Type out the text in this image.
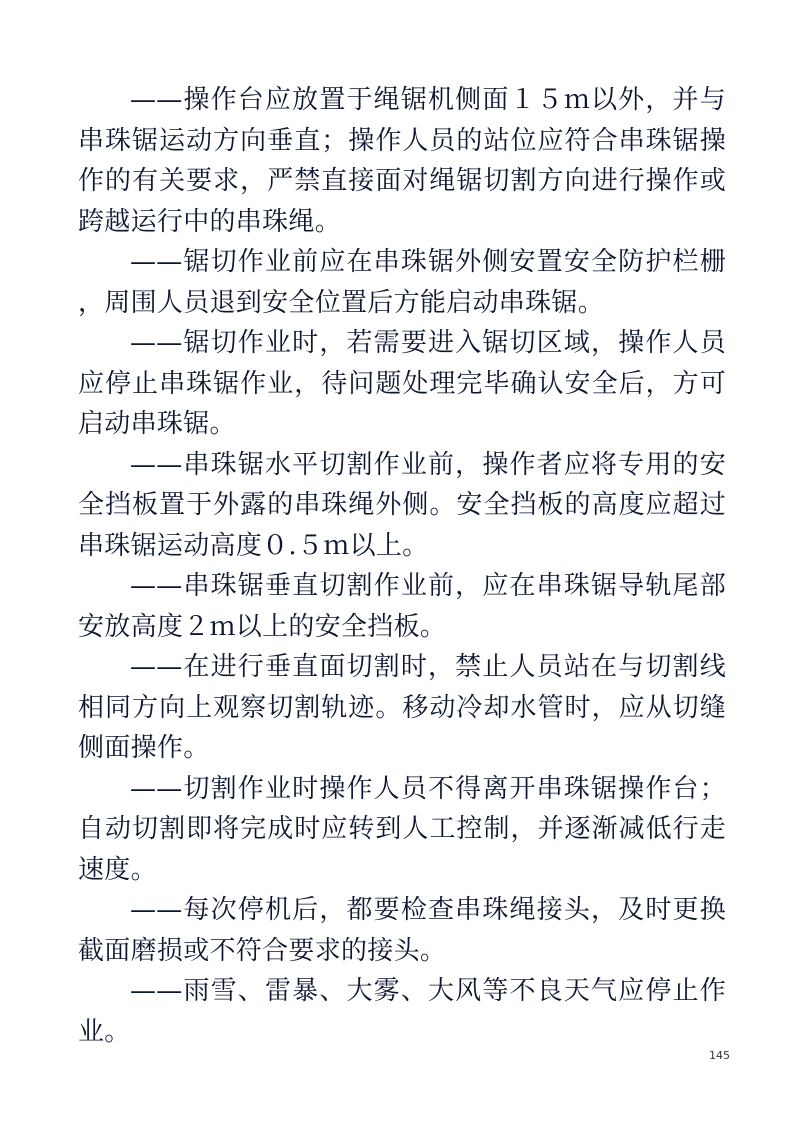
——操作台应放置于绳锯机侧面１５ｍ以外，并与串珠锯运动方向垂直；操作人员的站位应符合串珠锯操作的有关要求，严禁直接面对绳锯切割方向进行操作或跨越运行中的串珠绳。

——锯切作业前应在串珠锯外侧安置安全防护栏栅，周围人员退到安全位置后方能启动串珠锯。

——锯切作业时，若需要进入锯切区域，操作人员应停止串珠锯作业，待问题处理完毕确认安全后，方可启动串珠锯。

——串珠锯水平切割作业前，操作者应将专用的安全挡板置于外露的串珠绳外侧。安全挡板的高度应超过串珠锯运动高度０.５ｍ以上。

——串珠锯垂直切割作业前，应在串珠锯导轨尾部安放高度２ｍ以上的安全挡板。

——在进行垂直面切割时，禁止人员站在与切割线相同方向上观察切割轨迹。移动冷却水管时，应从切缝侧面操作。

——切割作业时操作人员不得离开串珠锯操作台；自动切割即将完成时应转到人工控制，并逐渐减低行走速度。

——每次停机后，都要检查串珠绳接头，及时更换截面磨损或不符合要求的接头。

——雨雪、雷暴、大雾、大风等不良天气应停止作业。

145
